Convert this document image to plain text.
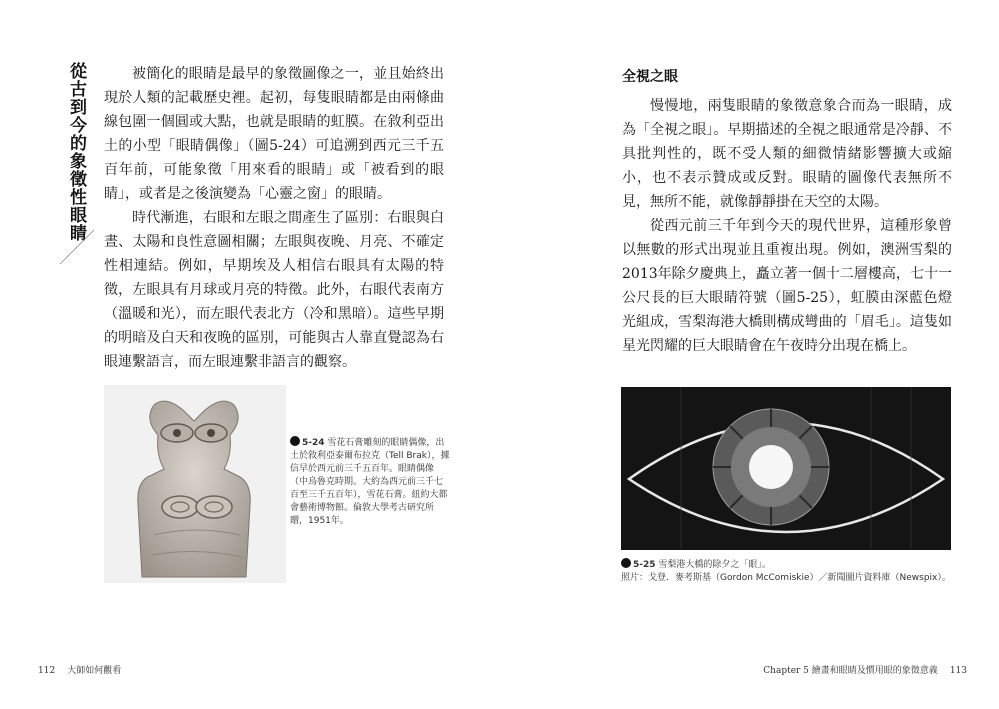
從古到今的象徵性眼睛	被簡化的眼睛是最早的象徵圖像之一，並且始終出現於人類的記載歷史裡。起初，每隻眼睛都是由兩條曲線包圍一個圓或大點，也就是眼睛的虹膜。在敘利亞出土的小型「眼睛偶像」（圖5-24）可追溯到西元三千五百年前，可能象徵「用來看的眼睛」或「被看到的眼睛」，或者是之後演變為「心靈之窗」的眼睛。

時代漸進，右眼和左眼之間產生了區別：右眼與白晝、太陽和良性意圖相關；左眼與夜晚、月亮、不確定性相連結。例如，早期埃及人相信右眼具有太陽的特徵，左眼具有月球或月亮的特徵。此外，右眼代表南方（溫暖和光），而左眼代表北方（冷和黑暗）。這些早期的明暗及白天和夜晚的區別，可能與古人靠直覺認為右眼連繫語言，而左眼連繫非語言的觀察。

5-24 雪花石膏雕刻的眼睛偶像，出土於敘利亞泰爾布拉克（Tell Brak），據信早於西元前三千五百年。眼睛偶像（中烏魯克時期。大約為西元前三千七百至三千五百年），雪花石膏。紐約大都會藝術博物館。倫敦大學考古研究所贈，1951年。
112 大師如何觀看
全視之眼

慢慢地，兩隻眼睛的象徵意象合而為一眼睛，成為「全視之眼」。早期描述的全視之眼通常是冷靜、不具批判性的，既不受人類的細微情緒影響擴大或縮小，也不表示贊成或反對。眼睛的圖像代表無所不見，無所不能，就像靜靜掛在天空的太陽。

從西元前三千年到今天的現代世界，這種形象曾以無數的形式出現並且重複出現。例如，澳洲雪梨的2013年除夕慶典上，矗立著一個十二層樓高，七十一公尺長的巨大眼睛符號（圖5-25），虹膜由深藍色燈光組成，雪梨海港大橋則構成彎曲的「眉毛」。這隻如星光閃耀的巨大眼睛會在午夜時分出現在橋上。

5-25 雪梨港大橋的除夕之「眼」。
照片：戈登．麥考斯基（Gordon McComiskie）／新聞圖片資料庫（Newspix）。
Chapter 5 繪畫和眼睛及慣用眼的象徵意義 113
